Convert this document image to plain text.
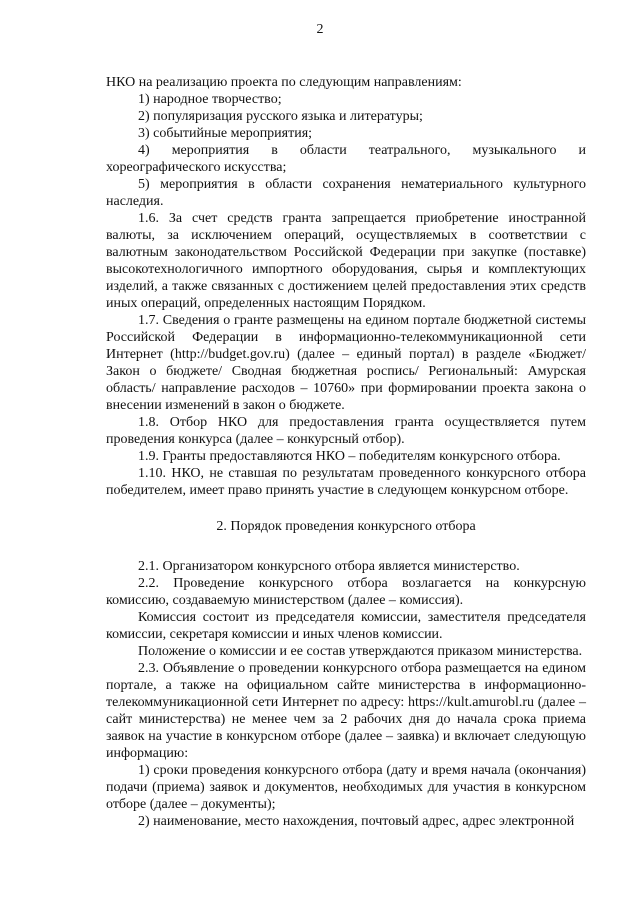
2

НКО на реализацию проекта по следующим направлениям:

1) народное творчество;

2) популяризация русского языка и литературы;

3) событийные мероприятия;

4) мероприятия в области театрального, музыкального и хореографического искусства;

5) мероприятия в области сохранения нематериального культурного наследия.

1.6. За счет средств гранта запрещается приобретение иностранной валюты, за исключением операций, осуществляемых в соответствии с валютным законодательством Российской Федерации при закупке (поставке) высокотехнологичного импортного оборудования, сырья и комплектующих изделий, а также связанных с достижением целей предоставления этих средств иных операций, определенных настоящим Порядком.

1.7. Сведения о гранте размещены на едином портале бюджетной системы Российской Федерации в информационно-телекоммуникационной сети Интернет (http://budget.gov.ru) (далее – единый портал) в разделе «Бюджет/ Закон о бюджете/ Сводная бюджетная роспись/ Региональный: Амурская область/ направление расходов – 10760» при формировании проекта закона о внесении изменений в закон о бюджете.

1.8. Отбор НКО для предоставления гранта осуществляется путем проведения конкурса (далее – конкурсный отбор).

1.9. Гранты предоставляются НКО – победителям конкурсного отбора.

1.10. НКО, не ставшая по результатам проведенного конкурсного отбора победителем, имеет право принять участие в следующем конкурсном отборе.

2. Порядок проведения конкурсного отбора

2.1. Организатором конкурсного отбора является министерство.

2.2. Проведение конкурсного отбора возлагается на конкурсную комиссию, создаваемую министерством (далее – комиссия).

Комиссия состоит из председателя комиссии, заместителя председателя комиссии, секретаря комиссии и иных членов комиссии.

Положение о комиссии и ее состав утверждаются приказом министерства.

2.3. Объявление о проведении конкурсного отбора размещается на едином портале, а также на официальном сайте министерства в информационно-телекоммуникационной сети Интернет по адресу: https://kult.amurobl.ru (далее – сайт министерства) не менее чем за 2 рабочих дня до начала срока приема заявок на участие в конкурсном отборе (далее – заявка) и включает следующую информацию:

1) сроки проведения конкурсного отбора (дату и время начала (окончания) подачи (приема) заявок и документов, необходимых для участия в конкурсном отборе (далее – документы);

2) наименование, место нахождения, почтовый адрес, адрес электронной
